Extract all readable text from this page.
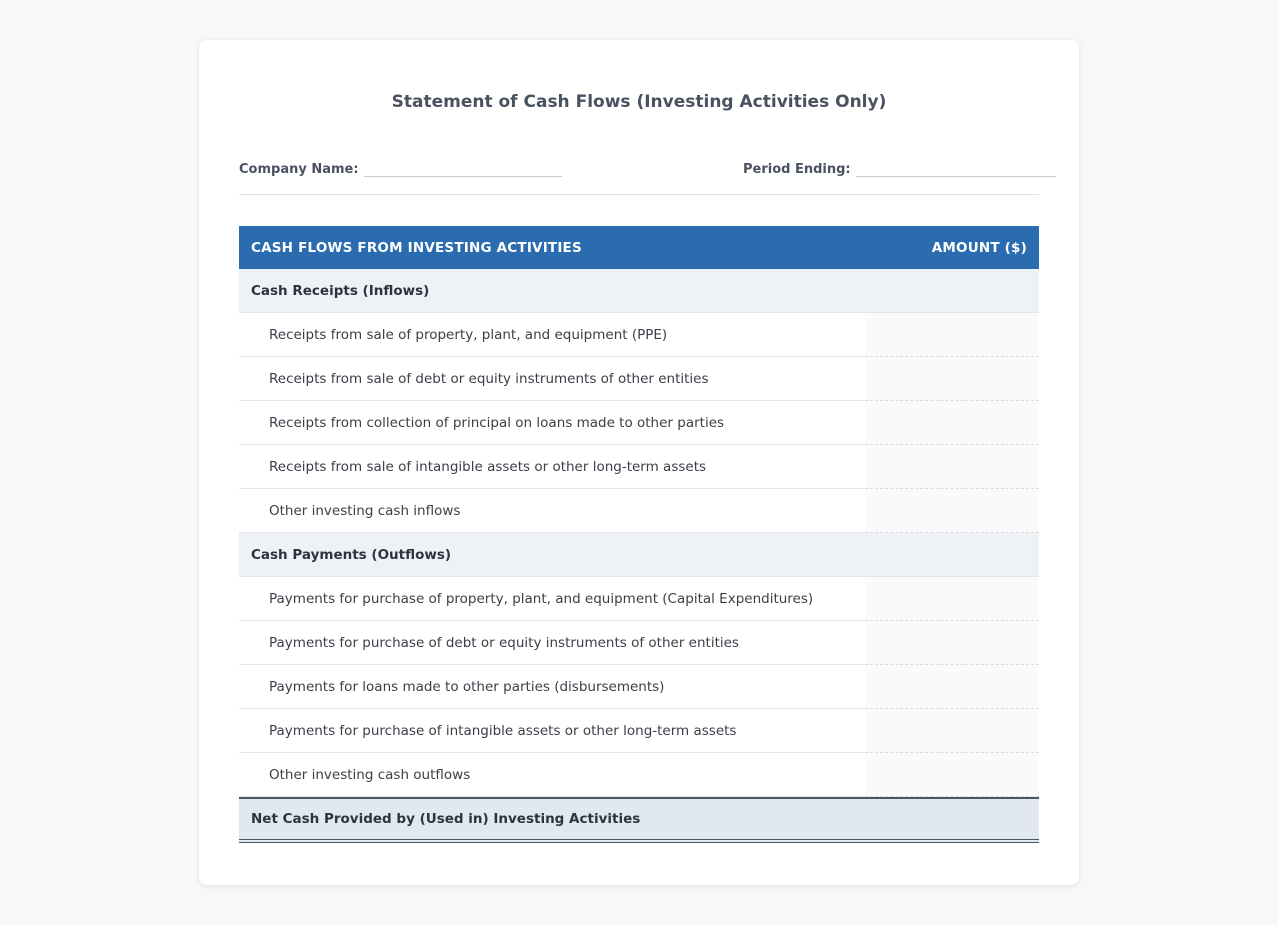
Statement of Cash Flows (Investing Activities Only)
Company Name:	Period Ending:
CASH FLOWS FROM INVESTING ACTIVITIES	AMOUNT ($)
Cash Receipts (Inflows)
Receipts from sale of property, plant, and equipment (PPE)
Receipts from sale of debt or equity instruments of other entities
Receipts from collection of principal on loans made to other parties
Receipts from sale of intangible assets or other long-term assets
Other investing cash inflows
Cash Payments (Outflows)
Payments for purchase of property, plant, and equipment (Capital Expenditures)
Payments for purchase of debt or equity instruments of other entities
Payments for loans made to other parties (disbursements)
Payments for purchase of intangible assets or other long-term assets
Other investing cash outflows
Net Cash Provided by (Used in) Investing Activities
